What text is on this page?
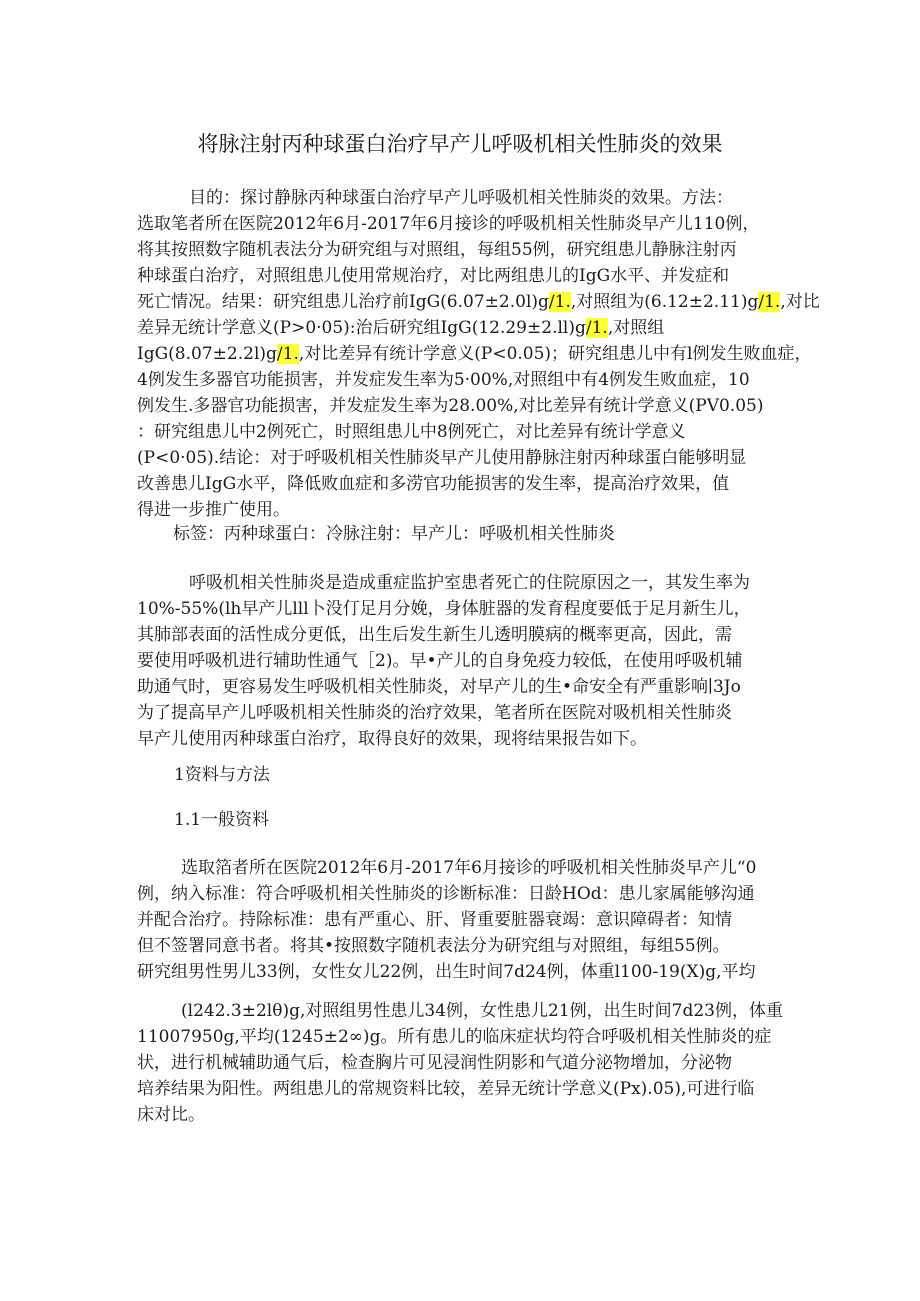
将脉注射丙种球蛋白治疗早产儿呼吸机相关性肺炎的效果
目的：探讨静脉丙种球蛋白治疗早产儿呼吸机相关性肺炎的效果。方法：
选取笔者所在医院2012年6月-2017年6月接诊的呼吸机相关性肺炎早产儿110例，
将其按照数字随机表法分为研究组与对照组，每组55例，研究组患儿静脉注射丙
种球蛋白治疗，对照组患儿使用常规治疗，对比两组患儿的IgG水平、并发症和
死亡情况。结果：研究组患儿治疗前IgG(6.07±2.0l)g∕1.,对照组为(6.12±2.11)g∕1.,对比
差异无统计学意义(P>0·05):治后研究组IgG(12.29±2.ll)g∕1.,对照组
IgG(8.07±2.2l)g∕1.,对比差异有统计学意义(P<0.05)；研究组患儿中有l例发生败血症，
4例发生多器官功能损害，并发症发生率为5·00%,对照组中有4例发生败血症，10
例发生.多器官功能损害，并发症发生率为28.00%,对比差异有统计学意义(PV0.05)
：研究组患儿中2例死亡，时照组患儿中8例死亡，对比差异有统计学意义
(P<0·05).结论：对于呼吸机相关性肺炎早产儿使用静脉注射丙种球蛋白能够明显
改善患儿IgG水平，降低败血症和多涝官功能损害的发生率，提高治疗效果，值
得进一步推广使用。
标签：丙种球蛋白：冷脉注射：早产儿：呼吸机相关性肺炎
呼吸机相关性肺炎是造成重症监护室患者死亡的住院原因之一，其发生率为
10%-55%(lh早产儿lll卜没仃足月分娩，身体脏器的发育程度要低于足月新生儿，
其肺部表面的活性成分更低，出生后发生新生儿透明膜病的概率更高，因此，需
要使用呼吸机进行辅助性通气［2)。早•产儿的自身免疫力较低，在使用呼吸机辅
助通气时，更容易发生呼吸机相关性肺炎，对早产儿的生•命安全有严重影响∣3Jo
为了提高早产儿呼吸机相关性肺炎的治疗效果，笔者所在医院对吸机相关性肺炎
早产儿使用丙种球蛋白治疗，取得良好的效果，现将结果报告如下。
1资料与方法
1.1一般资料
选取箔者所在医院2012年6月-2017年6月接诊的呼吸机相关性肺炎早产儿“0
例，纳入标准：符合呼吸机相关性肺炎的诊断标准：日龄HOd：患儿家属能够沟通
并配合治疗。持除标准：患有严重心、肝、肾重要脏器衰竭：意识障碍者：知情
但不签署同意书者。将其•按照数字随机表法分为研究组与对照组，每组55例。
研究组男性男儿33例，女性女儿22例，出生时间7d24例，体重l100-19(X)g,平均
(l242.3±2lθ)g,对照组男性患儿34例，女性患儿21例，出生时间7d23例，体重
11007950g,平均(1245±2∞)g。所有患儿的临床症状均符合呼吸机相关性肺炎的症
状，进行机械辅助通气后，检查胸片可见浸润性阴影和气道分泌物增加，分泌物
培养结果为阳性。两组患儿的常规资料比较，差异无统计学意义(Px).05),可进行临
床对比。
